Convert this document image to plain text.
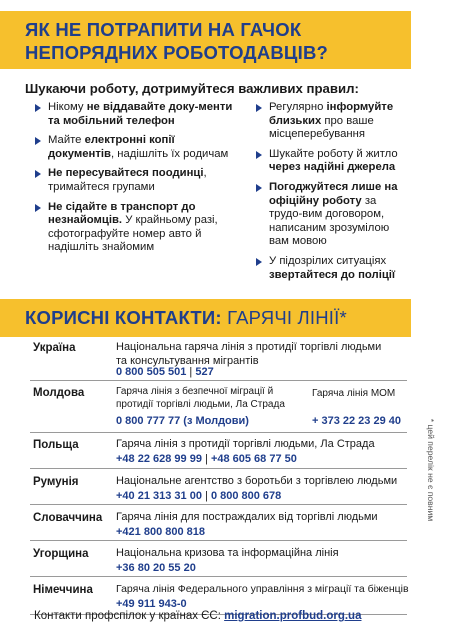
ЯК НЕ ПОТРАПИТИ НА ГАЧОК
НЕПОРЯДНИХ РОБОТОДАВЦІВ?
Шукаючи роботу, дотримуйтеся важливих правил:
Нікому не віддавайте доку-менти та мобільний телефон
Майте електронні копії документів, надішліть їх родичам
Не пересувайтеся поодинці, тримайтеся групами
Не сідайте в транспорт до незнайомців. У крайньому разі, сфотографуйте номер авто й надішліть знайомим
Регулярно інформуйте близьких про ваше місцеперебування
Шукайте роботу й житло через надійні джерела
Погоджуйтеся лише на офіційну роботу за трудо-вим договором, написаним зрозумілою вам мовою
У підозрілих ситуаціях звертайтеся до поліції
КОРИСНІ КОНТАКТИ: ГАРЯЧІ ЛІНІЇ*
* цей перелік не є повним
Україна	Національна гаряча лінія з протидії торгівлі людьми та консультування мігрантів
0 800 505 501 | 527
Молдова	Гаряча лінія з безпечної міграції й протидії торгівлі людьми, Ла Страда
0 800 777 77 (з Молдови)
Гаряча лінія МОМ
+ 373 22 23 29 40
Польща	Гаряча лінія з протидії торгівлі людьми, Ла Страда
+48 22 628 99 99 | +48 605 68 77 50
Румунія	Національне агентство з боротьби з торгівлею людьми
+40 21 313 31 00 | 0 800 800 678
Словаччина Гаряча лінія для постраждалих від торгівлі людьми
+421 800 800 818
Угорщина Національна кризова та інформаційна лінія
+36 80 20 55 20
Німеччина Гаряча лінія Федерального управління з міграції та біженців
+49 911 943-0
Контакти профспілок у країнах ЄС: migration.profbud.org.ua
